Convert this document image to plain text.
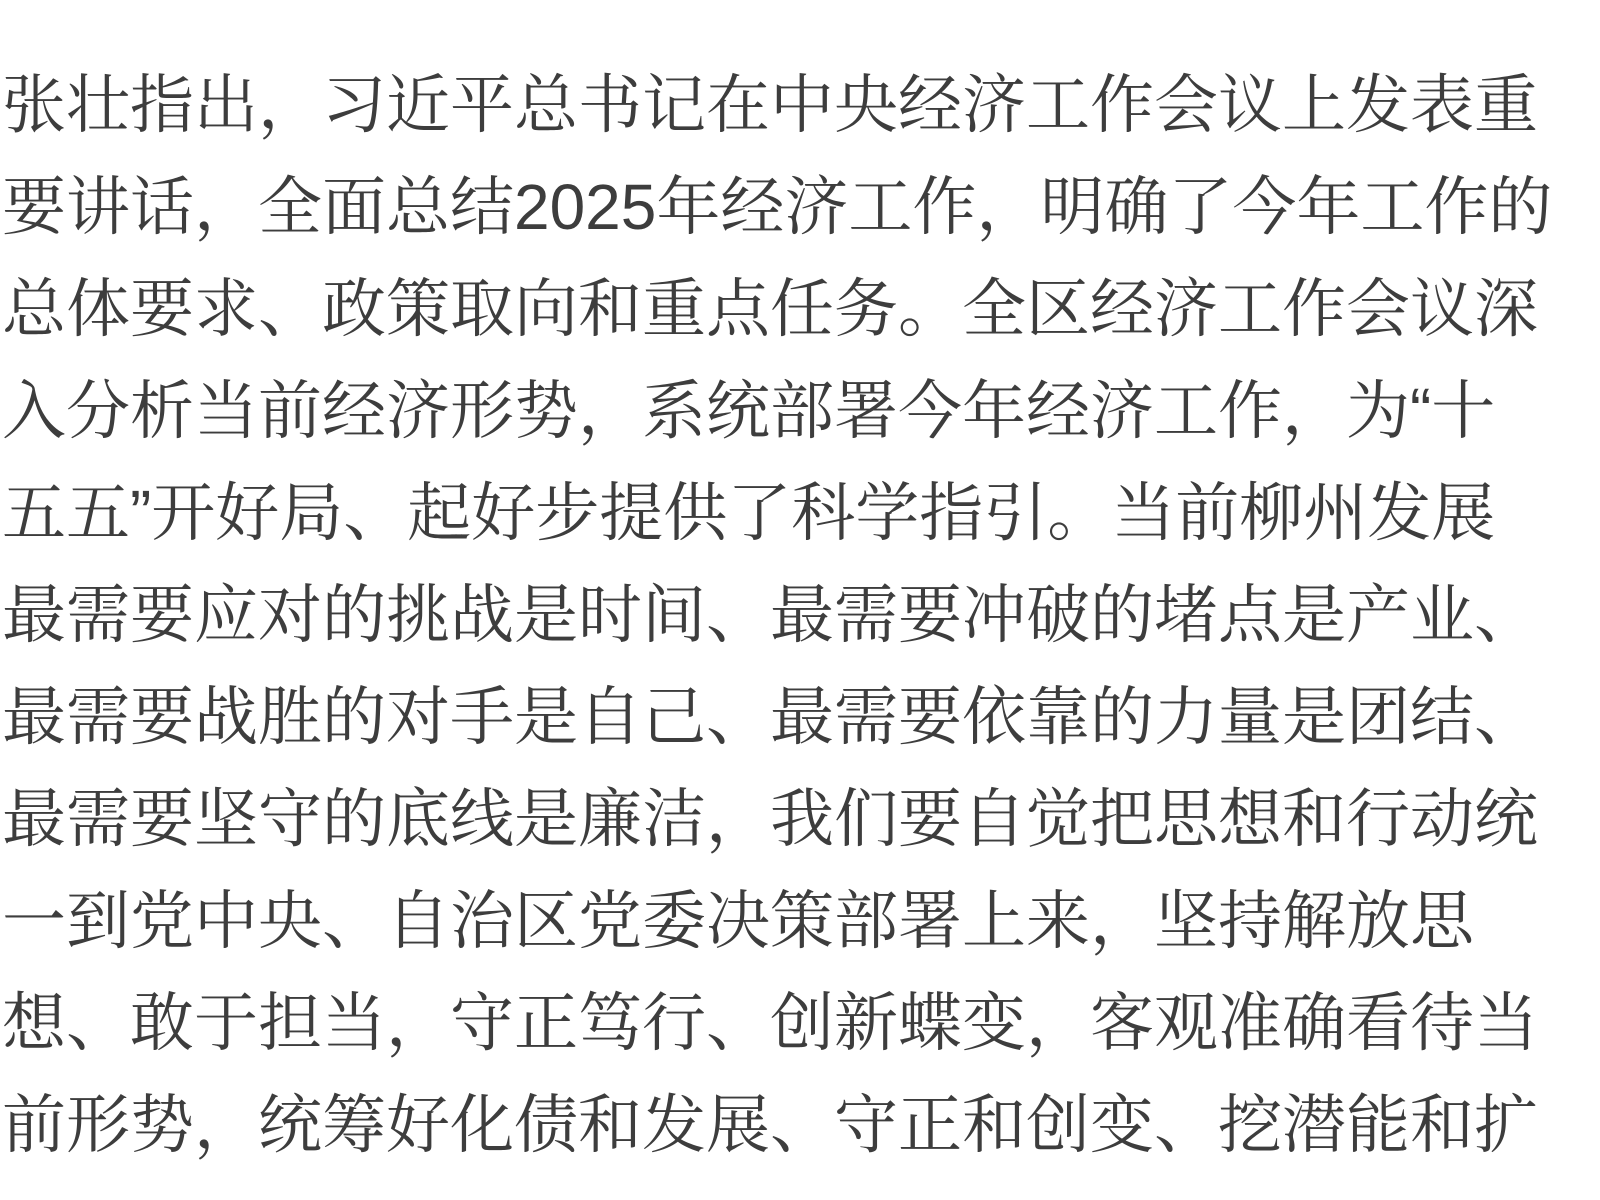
张壮指出，习近平总书记在中央经济工作会议上发表重
要讲话，全面总结2025年经济工作，明确了今年工作的
总体要求、政策取向和重点任务。全区经济工作会议深
入分析当前经济形势，系统部署今年经济工作，为“十
五五”开好局、起好步提供了科学指引。当前柳州发展
最需要应对的挑战是时间、最需要冲破的堵点是产业、
最需要战胜的对手是自己、最需要依靠的力量是团结、
最需要坚守的底线是廉洁，我们要自觉把思想和行动统
一到党中央、自治区党委决策部署上来，坚持解放思
想、敢于担当，守正笃行、创新蝶变，客观准确看待当
前形势，统筹好化债和发展、守正和创变、挖潜能和扩
